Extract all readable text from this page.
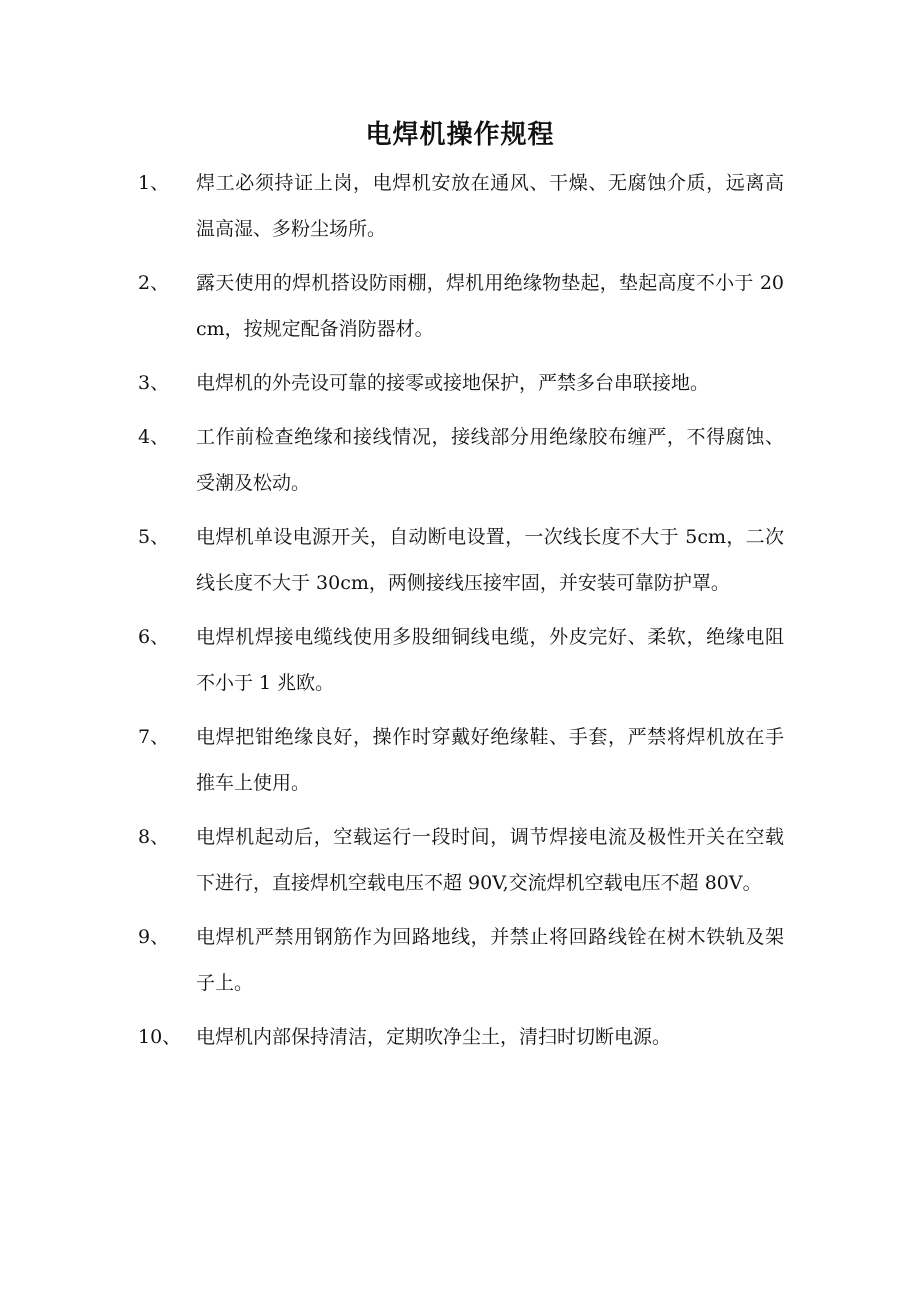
电焊机操作规程
1、 焊工必须持证上岗，电焊机安放在通风、干燥、无腐蚀介质，远离高温高湿、多粉尘场所。
2、 露天使用的焊机搭设防雨棚，焊机用绝缘物垫起，垫起高度不小于 20cm，按规定配备消防器材。
3、 电焊机的外壳设可靠的接零或接地保护，严禁多台串联接地。
4、 工作前检查绝缘和接线情况，接线部分用绝缘胶布缠严，不得腐蚀、受潮及松动。
5、 电焊机单设电源开关，自动断电设置，一次线长度不大于 5cm，二次线长度不大于 30cm，两侧接线压接牢固，并安装可靠防护罩。
6、 电焊机焊接电缆线使用多股细铜线电缆，外皮完好、柔软，绝缘电阻不小于 1 兆欧。
7、 电焊把钳绝缘良好，操作时穿戴好绝缘鞋、手套，严禁将焊机放在手推车上使用。
8、 电焊机起动后，空载运行一段时间，调节焊接电流及极性开关在空载下进行，直接焊机空载电压不超 90V,交流焊机空载电压不超 80V。
9、 电焊机严禁用钢筋作为回路地线，并禁止将回路线铨在树木铁轨及架子上。
10、 电焊机内部保持清洁，定期吹净尘土，清扫时切断电源。
